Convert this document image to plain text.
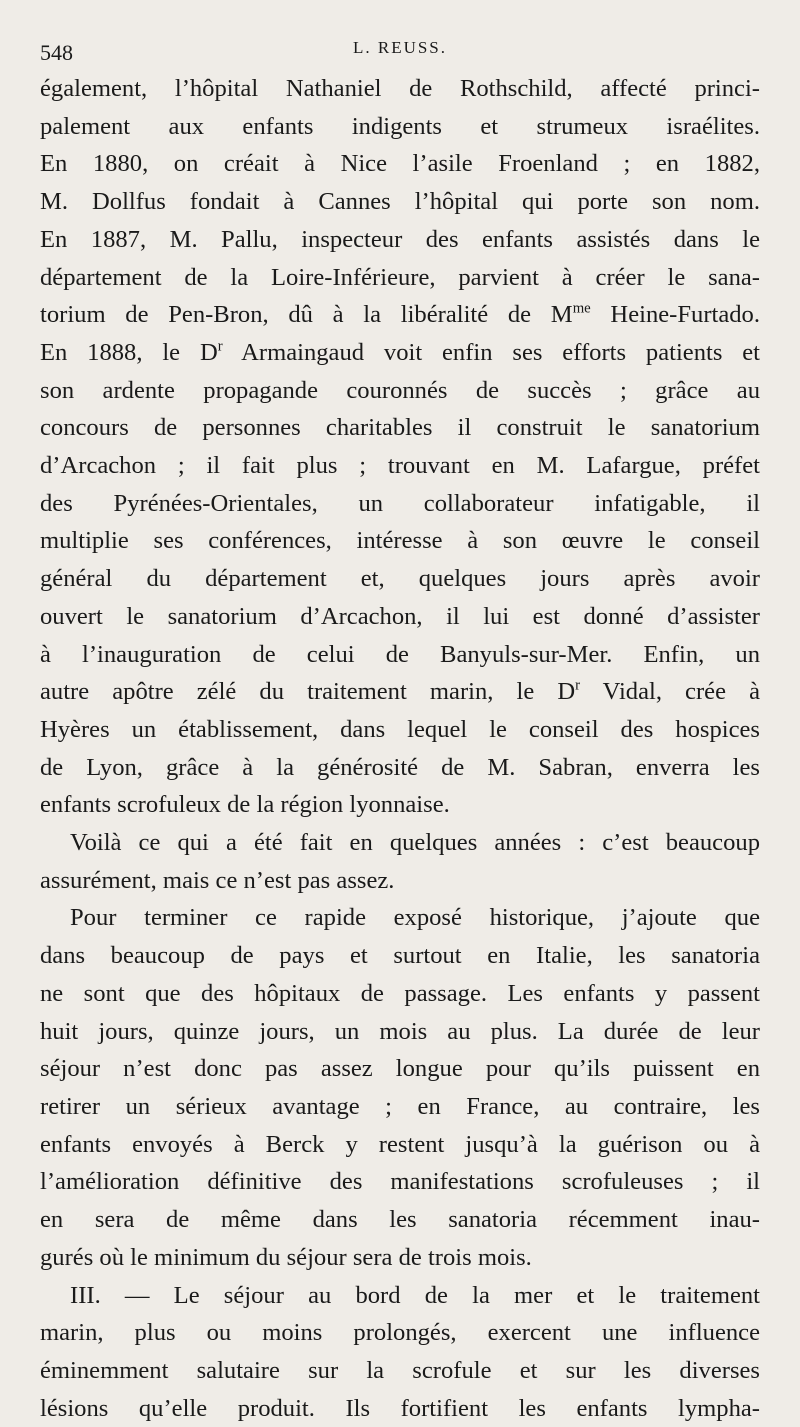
548	L. REUSS.
également, l’hôpital Nathaniel de Rothschild, affecté princi-
palement aux enfants indigents et strumeux israélites.
En 1880, on créait à Nice l’asile Froenland ; en 1882,
M. Dollfus fondait à Cannes l’hôpital qui porte son nom.
En 1887, M. Pallu, inspecteur des enfants assistés dans le
département de la Loire-Inférieure, parvient à créer le sana-
torium de Pen-Bron, dû à la libéralité de $M^{me}$ Heine-Furtado.
En 1888, le $D^r$ Armaingaud voit enfin ses efforts patients et
son ardente propagande couronnés de succès ; grâce au
concours de personnes charitables il construit le sanatorium
d’Arcachon ; il fait plus ; trouvant en M. Lafargue, préfet
des Pyrénées-Orientales, un collaborateur infatigable, il
multiplie ses conférences, intéresse à son œuvre le conseil
général du département et, quelques jours après avoir
ouvert le sanatorium d’Arcachon, il lui est donné d’assister
à l’inauguration de celui de Banyuls-sur-Mer. Enfin, un
autre apôtre zélé du traitement marin, le $D^r$ Vidal, crée à
Hyères un établissement, dans lequel le conseil des hospices
de Lyon, grâce à la générosité de M. Sabran, enverra les
enfants scrofuleux de la région lyonnaise.
Voilà ce qui a été fait en quelques années : c’est beaucoup
assurément, mais ce n’est pas assez.
Pour terminer ce rapide exposé historique, j’ajoute que
dans beaucoup de pays et surtout en Italie, les sanatoria
ne sont que des hôpitaux de passage. Les enfants y passent
huit jours, quinze jours, un mois au plus. La durée de leur
séjour n’est donc pas assez longue pour qu’ils puissent en
retirer un sérieux avantage ; en France, au contraire, les
enfants envoyés à Berck y restent jusqu’à la guérison ou à
l’amélioration définitive des manifestations scrofuleuses ; il
en sera de même dans les sanatoria récemment inau-
gurés où le minimum du séjour sera de trois mois.
III. — Le séjour au bord de la mer et le traitement
marin, plus ou moins prolongés, exercent une influence
éminemment salutaire sur la scrofule et sur les diverses
lésions qu’elle produit. Ils fortifient les enfants lympha-
